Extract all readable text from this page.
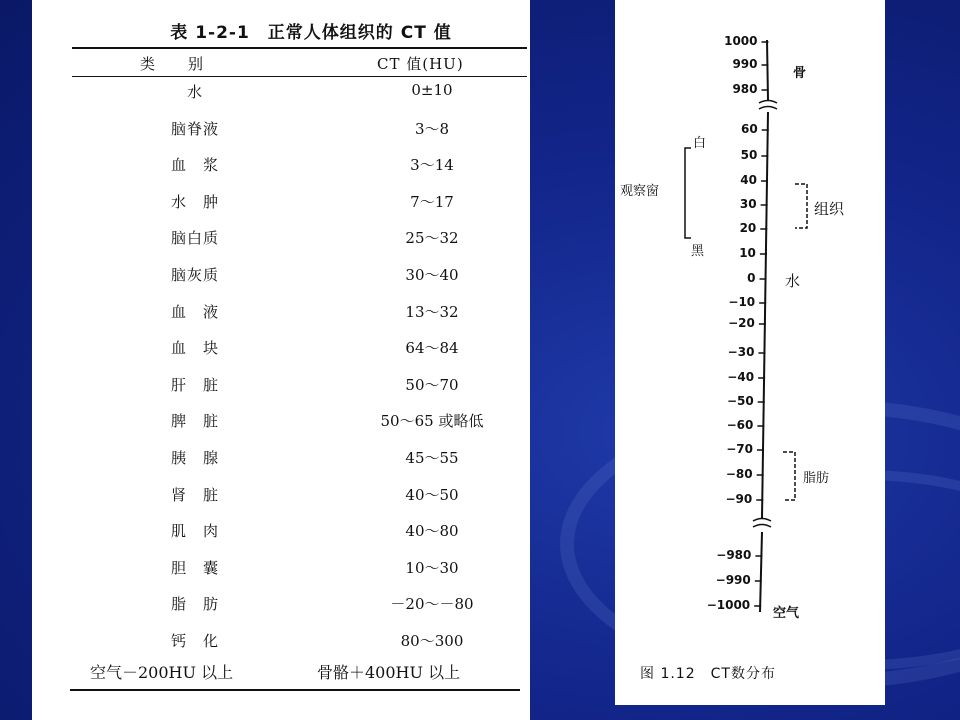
表 1-2-1　正常人体组织的 CT 值
类　　别	CT 值(HU)
水	0±10
脑脊液	3～8
血　浆	3～14
水　肿	7～17
脑白质	25～32
脑灰质	30～40
血　液	13～32
血　块	64～84
肝　脏	50～70
脾　脏	50～65 或略低
胰　腺	45～55
肾　脏	40～50
肌　肉	40～80
胆　囊	10～30
脂　肪	－20～－80
钙　化	80～300
空气－200HU 以上	骨骼＋400HU 以上
1000
990
980
60
50
40
30
20
10
0
−10
−20
−30
−40
−50
−60
−70
−80
−90
−980
−990
−1000
骨
组织
水
脂肪
空气
观察窗
白
黑
图 1.12　CT数分布
